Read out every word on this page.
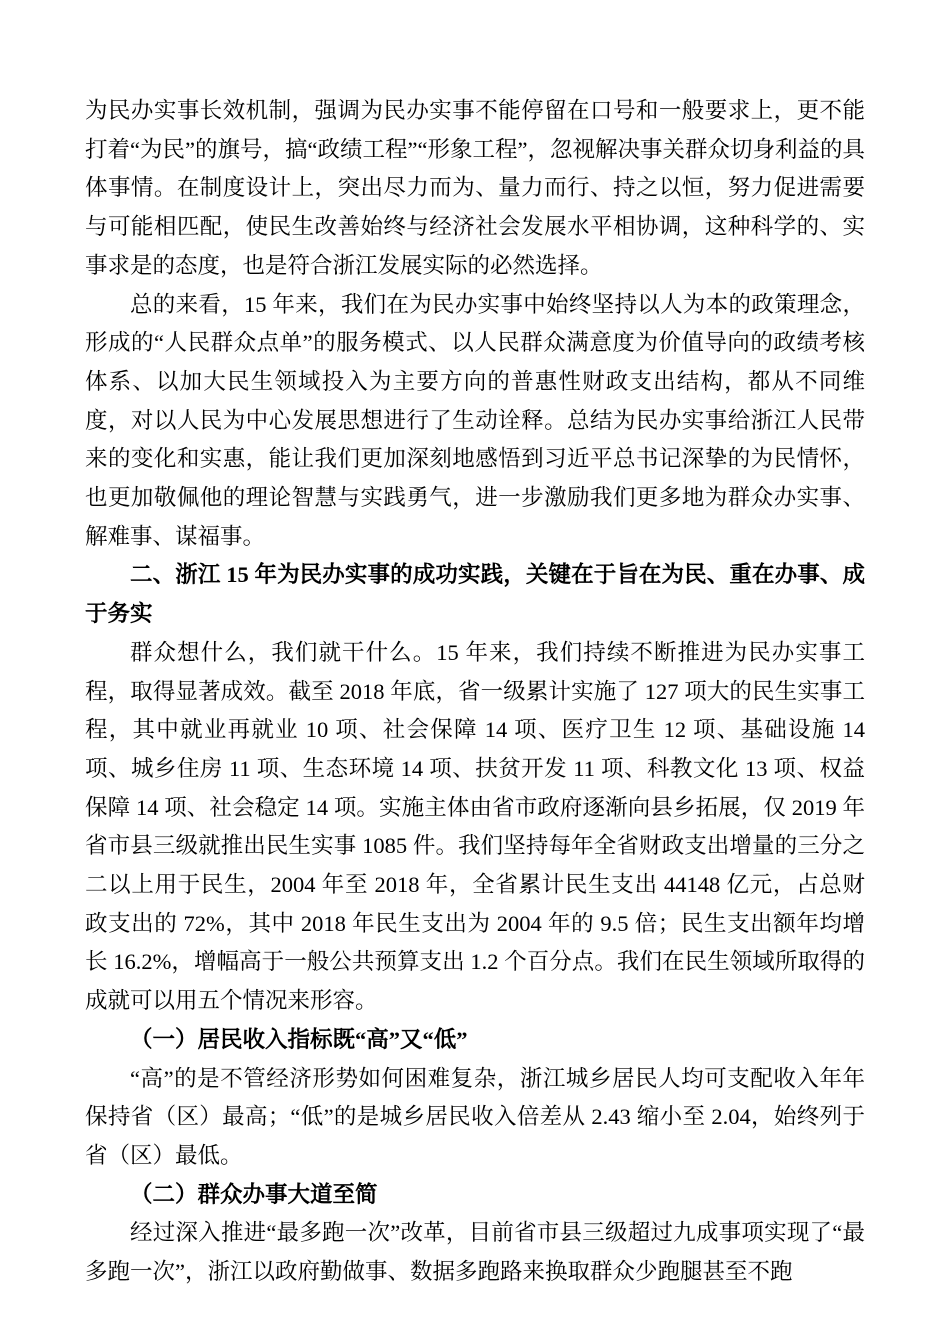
为民办实事长效机制，强调为民办实事不能停留在口号和一般要求上，更不能打着“为民”的旗号，搞“政绩工程”“形象工程”，忽视解决事关群众切身利益的具体事情。在制度设计上，突出尽力而为、量力而行、持之以恒，努力促进需要与可能相匹配，使民生改善始终与经济社会发展水平相协调，这种科学的、实事求是的态度，也是符合浙江发展实际的必然选择。

总的来看，15 年来，我们在为民办实事中始终坚持以人为本的政策理念，形成的“人民群众点单”的服务模式、以人民群众满意度为价值导向的政绩考核体系、以加大民生领域投入为主要方向的普惠性财政支出结构，都从不同维度，对以人民为中心发展思想进行了生动诠释。总结为民办实事给浙江人民带来的变化和实惠，能让我们更加深刻地感悟到习近平总书记深挚的为民情怀，也更加敬佩他的理论智慧与实践勇气，进一步激励我们更多地为群众办实事、解难事、谋福事。

二、浙江 15 年为民办实事的成功实践，关键在于旨在为民、重在办事、成于务实

群众想什么，我们就干什么。15 年来，我们持续不断推进为民办实事工程，取得显著成效。截至 2018 年底，省一级累计实施了 127 项大的民生实事工程，其中就业再就业 10 项、社会保障 14 项、医疗卫生 12 项、基础设施 14 项、城乡住房 11 项、生态环境 14 项、扶贫开发 11 项、科教文化 13 项、权益保障 14 项、社会稳定 14 项。实施主体由省市政府逐渐向县乡拓展，仅 2019 年省市县三级就推出民生实事 1085 件。我们坚持每年全省财政支出增量的三分之二以上用于民生，2004 年至 2018 年，全省累计民生支出 44148 亿元，占总财政支出的 72%，其中 2018 年民生支出为 2004 年的 9.5 倍；民生支出额年均增长 16.2%，增幅高于一般公共预算支出 1.2 个百分点。我们在民生领域所取得的成就可以用五个情况来形容。

（一）居民收入指标既“高”又“低”

“高”的是不管经济形势如何困难复杂，浙江城乡居民人均可支配收入年年保持省（区）最高；“低”的是城乡居民收入倍差从 2.43 缩小至 2.04，始终列于省（区）最低。

（二）群众办事大道至简

经过深入推进“最多跑一次”改革，目前省市县三级超过九成事项实现了“最多跑一次”，浙江以政府勤做事、数据多跑路来换取群众少跑腿甚至不跑
